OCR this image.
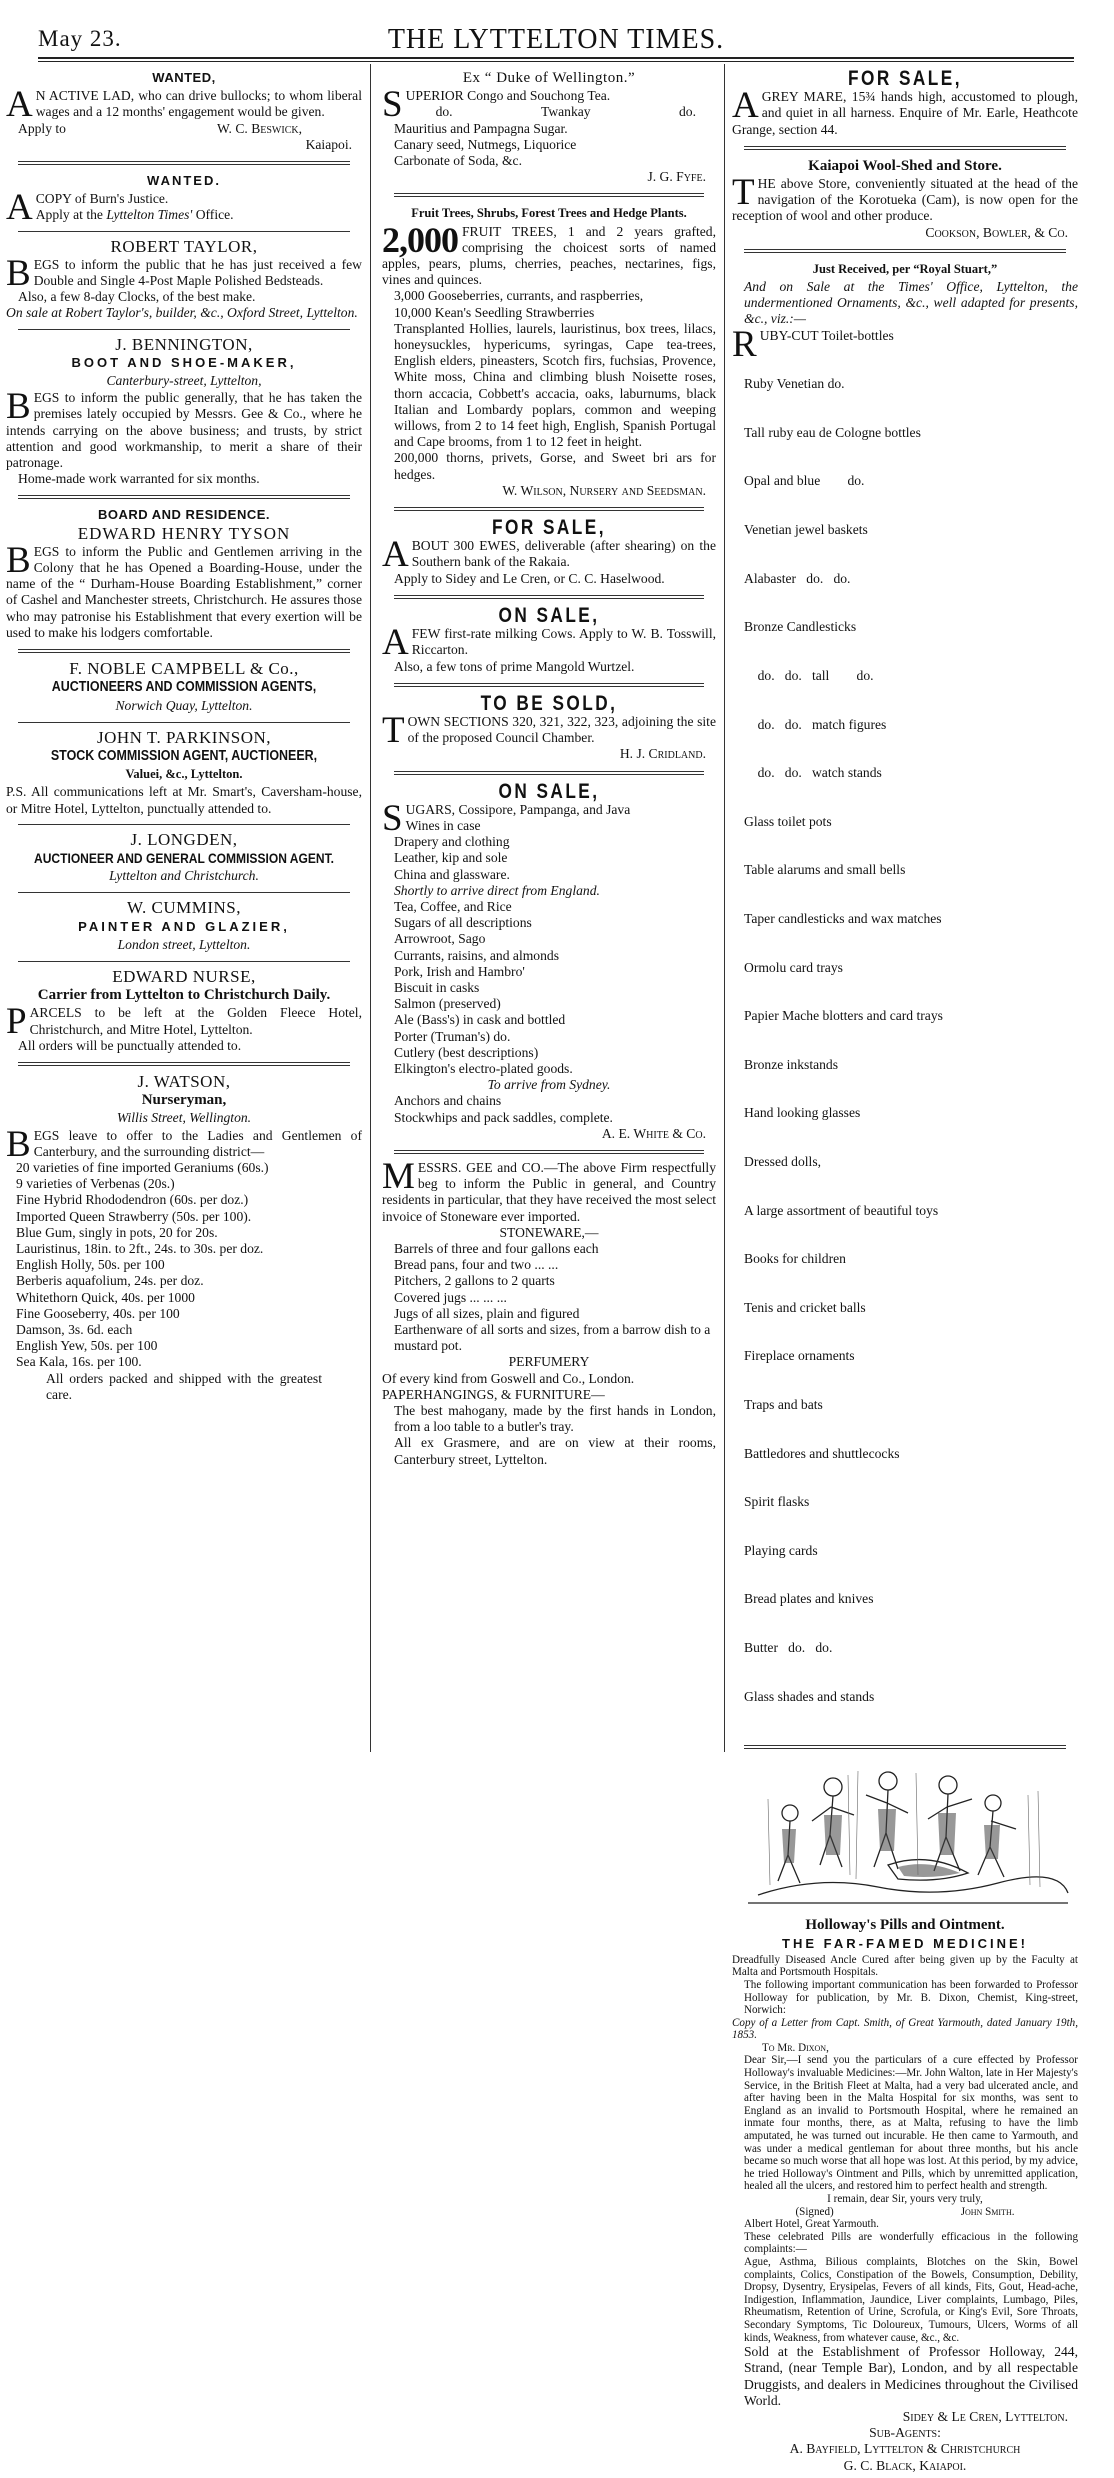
THE LYTTELTON TIMES.
May 23.
WANTED,

AN ACTIVE LAD, who can drive bullocks; to whom liberal wages and a 12 months' engagement would be given.

Apply to	W. C. Beswick,
Kaiapoi.
WANTED.

ACOPY of Burn's Justice.

Apply at the Lyttelton Times' Office.
ROBERT TAYLOR,

BEGS to inform the public that he has just received a few Double and Single 4-Post Maple Polished Bedsteads.

Also, a few 8-day Clocks, of the best make.

On sale at Robert Taylor's, builder, &c., Oxford Street, Lyttelton.

J. BENNINGTON,
BOOT AND SHOE-MAKER,
Canterbury-street, Lyttelton,

BEGS to inform the public generally, that he has taken the premises lately occupied by Messrs. Gee & Co., where he intends carrying on the above business; and trusts, by strict attention and good workmanship, to merit a share of their patronage.

Home-made work warranted for six months.

BOARD AND RESIDENCE.
EDWARD HENRY TYSON

BEGS to inform the Public and Gentlemen arriving in the Colony that he has Opened a Boarding-House, under the name of the “ Durham-House Boarding Establishment,” corner of Cashel and Manchester streets, Christchurch. He assures those who may patronise his Establishment that every exertion will be used to make his lodgers comfortable.

F. NOBLE CAMPBELL & Co.,
AUCTIONEERS AND COMMISSION AGENTS,
Norwich Quay, Lyttelton.
JOHN T. PARKINSON,
STOCK COMMISSION AGENT, AUCTIONEER,
Valuei, &c., Lyttelton.

P.S. All communications left at Mr. Smart's, Caversham-house, or Mitre Hotel, Lyttelton, punctually attended to.

J. LONGDEN,
AUCTIONEER AND GENERAL COMMISSION AGENT.
Lyttelton and Christchurch.
W. CUMMINS,
PAINTER AND GLAZIER,
London street, Lyttelton.
EDWARD NURSE,
Carrier from Lyttelton to Christchurch Daily.

PARCELS to be left at the Golden Fleece Hotel, Christchurch, and Mitre Hotel, Lyttelton.

All orders will be punctually attended to.

J. WATSON,
Nurseryman,
Willis Street, Wellington.

BEGS leave to offer to the Ladies and Gentlemen of Canterbury, and the surrounding district—

20 varieties of fine imported Geraniums (60s.)
9 varieties of Verbenas (20s.)
Fine Hybrid Rhododendron (60s. per doz.)
Imported Queen Strawberry (50s. per 100).
Blue Gum, singly in pots, 20 for 20s.
Lauristinus, 18in. to 2ft., 24s. to 30s. per doz.
English Holly, 50s. per 100
Berberis aquafolium, 24s. per doz.
Whitethorn Quick, 40s. per 1000
Fine Gooseberry, 40s. per 100
Damson, 3s. 6d. each
English Yew, 50s. per 100
Sea Kala, 16s. per 100.

All orders packed and shipped with the greatest care.

Ex “ Duke of Wellington.”

SUPERIOR Congo and Souchong Tea.

do.	Twankay	do.
Mauritius and Pampagna Sugar.
Canary seed, Nutmegs, Liquorice
Carbonate of Soda, &c.
J. G. Fyfe.
Fruit Trees, Shrubs, Forest Trees and Hedge Plants.

2,000 FRUIT TREES, 1 and 2 years grafted, comprising the choicest sorts of named apples, pears, plums, cherries, peaches, nectarines, figs, vines and quinces.

3,000 Gooseberries, currants, and raspberries,
10,000 Kean's Seedling Strawberries

Transplanted Hollies, laurels, lauristinus, box trees, lilacs, honeysuckles, hypericums, syringas, Cape tea-trees, English elders, pineasters, Scotch firs, fuchsias, Provence, White moss, China and climbing blush Noisette roses, thorn accacia, Cobbett's accacia, oaks, laburnums, black Italian and Lombardy poplars, common and weeping willows, from 2 to 14 feet high, English, Spanish Portugal and Cape brooms, from 1 to 12 feet in height.

200,000 thorns, privets, Gorse, and Sweet bri ars for hedges.

W. Wilson, Nursery and Seedsman.
FOR SALE,

ABOUT 300 EWES, deliverable (after shearing) on the Southern bank of the Rakaia.

Apply to Sidey and Le Cren, or C. C. Haselwood.

ON SALE,

AFEW first-rate milking Cows. Apply to W. B. Tosswill, Riccarton.

Also, a few tons of prime Mangold Wurtzel.

TO BE SOLD,

TOWN SECTIONS 320, 321, 322, 323, adjoining the site of the proposed Council Chamber.

H. J. Cridland.
ON SALE,

SUGARS, Cossipore, Pampanga, and Java

Wines in case
Drapery and clothing
Leather, kip and sole
China and glassware.
Shortly to arrive direct from England.
Tea, Coffee, and Rice
Sugars of all descriptions
Arrowroot, Sago
Currants, raisins, and almonds
Pork, Irish and Hambro'
Biscuit in casks
Salmon (preserved)
Ale (Bass's) in cask and bottled
Porter (Truman's) do.
Cutlery (best descriptions)
Elkington's electro-plated goods.
To arrive from Sydney.
Anchors and chains
Stockwhips and pack saddles, complete.
A. E. White & Co.

MESSRS. GEE and CO.—The above Firm respectfully beg to inform the Public in general, and Country residents in particular, that they have received the most select invoice of Stoneware ever imported.

STONEWARE,—
Barrels of three and four gallons each
Bread pans, four and two ... ...
Pitchers, 2 gallons to 2 quarts
Covered jugs ... ... ...
Jugs of all sizes, plain and figured
Earthenware of all sorts and sizes, from a barrow dish to a mustard pot.
PERFUMERY
Of every kind from Goswell and Co., London.
PAPERHANGINGS, & FURNITURE—

The best mahogany, made by the first hands in London, from a loo table to a butler's tray.

All ex Grasmere, and are on view at their rooms, Canterbury street, Lyttelton.

FOR SALE,

AGREY MARE, 15¾ hands high, accustomed to plough, and quiet in all harness. Enquire of Mr. Earle, Heathcote Grange, section 44.

Kaiapoi Wool-Shed and Store.

THE above Store, conveniently situated at the head of the navigation of the Korotueka (Cam), is now open for the reception of wool and other produce.

Cookson, Bowler, & Co.
Just Received, per “Royal Stuart,”

And on Sale at the Times' Office, Lyttelton, the undermentioned Ornaments, &c., well adapted for presents, &c., viz.:—

RUBY-CUT Toilet-bottles

Ruby Venetian do.

Tall ruby eau de Cologne bottles

Opal and blue        do.

Venetian jewel baskets

Alabaster   do.   do.

Bronze Candlesticks

do.   do.   tall        do.

do.   do.   match figures

do.   do.   watch stands

Glass toilet pots

Table alarums and small bells

Taper candlesticks and wax matches

Ormolu card trays

Papier Mache blotters and card trays

Bronze inkstands

Hand looking glasses

Dressed dolls,

A large assortment of beautiful toys

Books for children

Tenis and cricket balls

Fireplace ornaments

Traps and bats

Battledores and shuttlecocks

Spirit flasks

Playing cards

Bread plates and knives

Butter   do.   do.

Glass shades and stands

Holloway's Pills and Ointment.
THE FAR-FAMED MEDICINE!

Dreadfully Diseased Ancle Cured after being given up by the Faculty at Malta and Portsmouth Hospitals.

The following important communication has been forwarded to Professor Holloway for publication, by Mr. B. Dixon, Chemist, King-street, Norwich:

Copy of a Letter from Capt. Smith, of Great Yarmouth, dated January 19th, 1853.

To Mr. Dixon,

Dear Sir,—I send you the particulars of a cure effected by Professor Holloway's invaluable Medicines:—Mr. John Walton, late in Her Majesty's Service, in the British Fleet at Malta, had a very bad ulcerated ancle, and after having been in the Malta Hospital for six months, was sent to England as an invalid to Portsmouth Hospital, where he remained an inmate four months, there, as at Malta, refusing to have the limb amputated, he was turned out incurable. He then came to Yarmouth, and was under a medical gentleman for about three months, but his ancle became so much worse that all hope was lost. At this period, by my advice, he tried Holloway's Ointment and Pills, which by unremitted application, healed all the ulcers, and restored him to perfect health and strength.

I remain, dear Sir, yours very truly,
(Signed)	John Smith.
Albert Hotel, Great Yarmouth.

These celebrated Pills are wonderfully efficacious in the following complaints:—

Ague, Asthma, Bilious complaints, Blotches on the Skin, Bowel complaints, Colics, Constipation of the Bowels, Consumption, Debility, Dropsy, Dysentry, Erysipelas, Fevers of all kinds, Fits, Gout, Head-ache, Indigestion, Inflammation, Jaundice, Liver complaints, Lumbago, Piles, Rheumatism, Retention of Urine, Scrofula, or King's Evil, Sore Throats, Secondary Symptoms, Tic Doloureux, Tumours, Ulcers, Worms of all kinds, Weakness, from whatever cause, &c., &c.

Sold at the Establishment of Professor Holloway, 244, Strand, (near Temple Bar), London, and by all respectable Druggists, and dealers in Medicines throughout the Civilised World.

Sidey & Le Cren, Lyttelton.
Sub-Agents:
A. Bayfield, Lyttelton & Christchurch
G. C. Black, Kaiapoi.
